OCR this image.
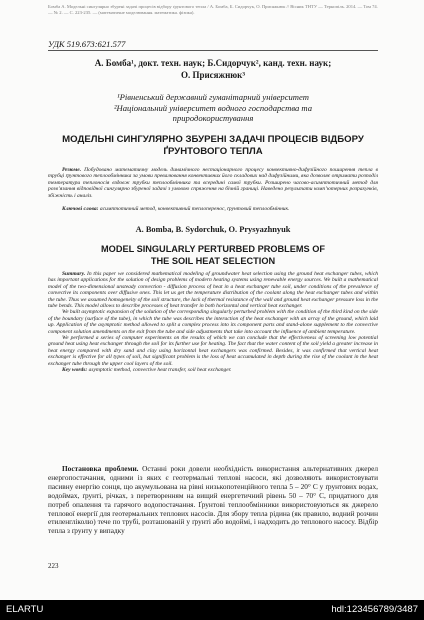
Бомба А. Модельні сингулярно збурені задачі процесів відбору ґрунтового тепла / А. Бомба, Б. Сидорчук, О. Присяжнюк // Вісник ТНТУ — Тернопіль. 2014. — Том 74. — № 2. — С. 223-235. — (математичне моделювання. математика. фізика).
УДК 519.673:621.577
А. Бомба¹, докт. техн. наук; Б.Сидорчук², канд. техн. наук;
О. Присяжнюк³
¹Рівненський державний гуманітарний університет
²Національний університет водного господарства та
природокористування
МОДЕЛЬНІ СИНГУЛЯРНО ЗБУРЕНІ ЗАДАЧІ ПРОЦЕСІВ ВІДБОРУ
ҐРУНТОВОГО ТЕПЛА

Резюме. Побудовано математичну модель динамічного нестаціонарного процесу конвективно-дифузійного поширення тепла в трубці ґрунтового теплообмінника за умови превалювання конвективних його складових над дифузійними, яка дозволяє отримати розподіл температури теплоносія вздовж трубки теплообмінника та всередині самої трубки. Розширено часово-асимптотичний метод для розв’язання відповідної сингулярно збуреної задачі з умовою спряження на бічній границі. Наведено результати комп’ютерних розрахунків, збіжність і аналіз.

Ключові слова: асимптотичний метод, конвективний теплоперенос, ґрунтовий теплообмінник.

A. Bomba, B. Sydorchuk, O. Prysyazhnyuk
MODEL SINGULARLY PERTURBED PROBLEMS OF
THE SOIL HEAT SELECTION

Summary. In this paper we considered mathematical modeling of groundwater heat selection using the ground heat exchanger tubes, which has important applications for the solution of design problems of modern heating systems using renewable energy sources. We built a mathematical model of the two-dimensional unsteady convection - diffusion process of heat in a heat exchanger tube soil, under conditions of the prevalence of convective its components over diffusive ones. This let us get the temperature distribution of the coolant along the heat exchanger tubes and within the tube. Thus we assumed homogeneity of the soil structure, the lack of thermal resistance of the wall and ground heat exchanger pressure loss in the tube bends. This model allows to describe processes of heat transfer in both horizontal and vertical heat exchanger.

We built asymptotic expansion of the solution of the corresponding singularly perturbed problem with the condition of the third kind on the side of the boundary (surface of the tube), in which the tube was describes the interaction of the heat exchanger with an array of the ground, which laid up. Application of the asymptotic method allowed to split a complex process into its component parts and stand-alone supplement to the convective component solution amendments on the exit from the tube and side adjustments that take into account the influence of ambient temperature.

We performed a series of computer experiments on the results of which we can conclude that the effectiveness of screening low potential ground heat using heat exchanger through the soil for its further use for heating. The fact that the water content of the soil yield a greater increase in heat energy compared with dry sand and clay using horizontal heat exchangers was confirmed. Besides, it was confirmed that vertical heat exchanger is effective for all types of soil, but significant problem is the loss of heat accumulated in depth during the rise of the coolant in the heat exchanger tube through the upper cool layers of the soil.

Key words: asymptotic method, convective heat transfer, soil heat exchanger.

Постановка проблеми. Останні роки довели необхідність використання альтернативних джерел енергопостачання, одними із яких є геотермальні теплові насоси, які дозволяють використовувати пасивну енергію сонця, що акумульована на рівні низькопотенційного тепла 5 – 20° C у ґрунтових водах, водоймах, ґрунті, річках, з перетворенням на вищий енергетичний рівень 50 – 70° C, придатного для потреб опалення та гарячого водопостачання. Ґрунтові теплообмінники використовуються як джерело теплової енергії для геотермальних теплових насосів. Для збору тепла рідина (як правило, водний розчин етиленгліколю) тече по трубі, розташованій у ґрунті або водоймі, і надходить до теплового насосу. Відбір тепла з ґрунту у випадку

223
ELARTU	hdl:123456789/3487
